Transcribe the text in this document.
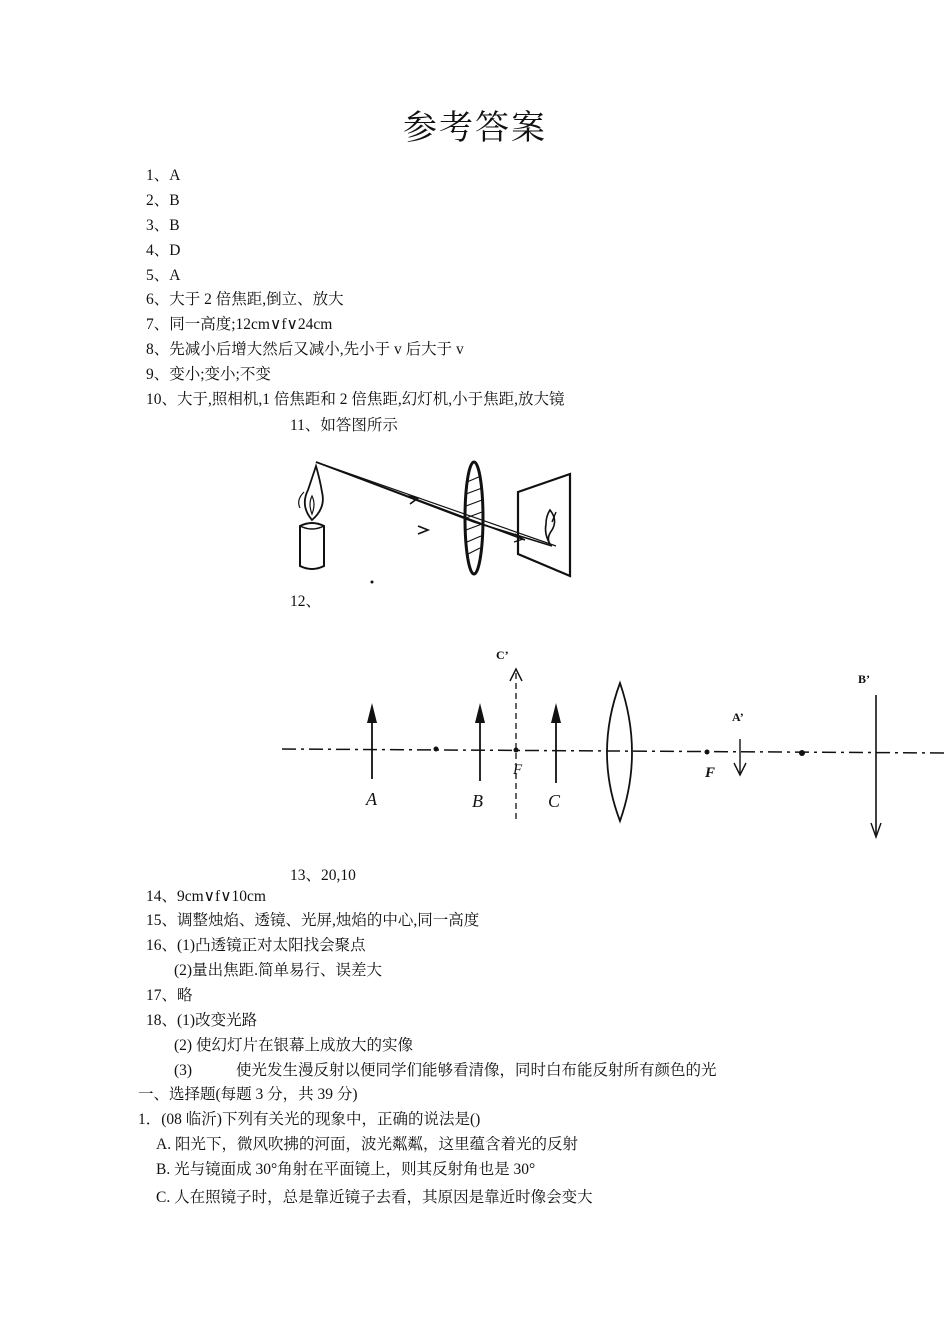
参考答案
1、A
2、B
3、B
4、D
5、A
6、大于 2 倍焦距,倒立、放大
7、同一高度;12cm∨f∨24cm
8、先减小后增大然后又减小,先小于 v 后大于 v
9、变小;变小;不变
10、大于,照相机,1 倍焦距和 2 倍焦距,幻灯机,小于焦距,放大镜
11、如答图所示
12、
A	B	C
F	F
C’
A’
B’
13、20,10
14、9cm∨f∨10cm
15、调整烛焰、透镜、光屏,烛焰的中心,同一高度
16、(1)凸透镜正对太阳找会聚点
(2)量出焦距.简单易行、误差大
17、略
18、(1)改变光路
(2) 使幻灯片在银幕上成放大的实像
(3)	使光发生漫反射以便同学们能够看清像，同时白布能反射所有颜色的光
一、选择题(每题 3 分，共 39 分)
1．(08 临沂)下列有关光的现象中，正确的说法是()
A. 阳光下，微风吹拂的河面，波光粼粼，这里蕴含着光的反射
B. 光与镜面成 30°角射在平面镜上，则其反射角也是 30°
C. 人在照镜子时，总是靠近镜子去看，其原因是靠近时像会变大
